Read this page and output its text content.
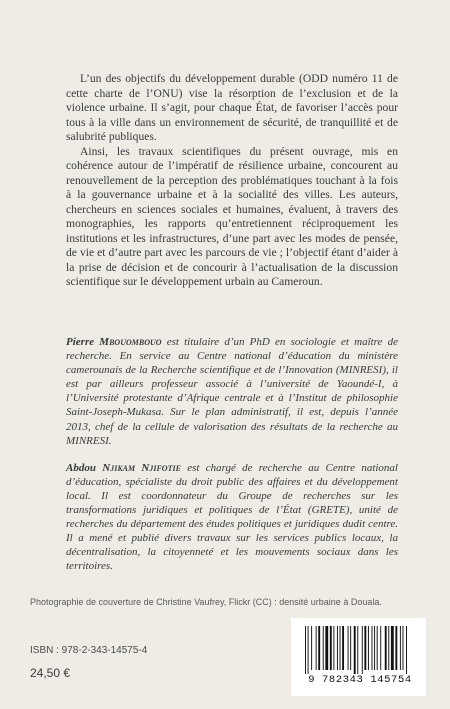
L’un des objectifs du développement durable (ODD numéro 11 de cette charte de l’ONU) vise la résorption de l’exclusion et de la violence urbaine. Il s’agit, pour chaque État, de favoriser l’accès pour tous à la ville dans un environnement de sécurité, de tranquillité et de salubrité publiques.

Ainsi, les travaux scientifiques du présent ouvrage, mis en cohérence autour de l’impératif de résilience urbaine, concourent au renouvellement de la perception des problématiques touchant à la fois à la gouvernance urbaine et à la socialité des villes. Les auteurs, chercheurs en sciences sociales et humaines, évaluent, à travers des monographies, les rapports qu’entretiennent réciproquement les institutions et les infrastructures, d’une part avec les modes de pensée, de vie et d’autre part avec les parcours de vie ; l’objectif étant d’aider à la prise de décision et de concourir à l’actualisation de la discussion scientifique sur le développement urbain au Cameroun.

Pierre Mbouombouo est titulaire d’un PhD en sociologie et maître de recherche. En service au Centre national d’éducation du ministère camerounais de la Recherche scientifique et de l’Innovation (MINRESI), il est par ailleurs professeur associé à l’université de Yaoundé-I, à l’Université protestante d’Afrique centrale et à l’Institut de philosophie Saint-Joseph-Mukasa. Sur le plan administratif, il est, depuis l’année 2013, chef de la cellule de valorisation des résultats de la recherche au MINRESI.

Abdou Njikam Njifotie est chargé de recherche au Centre national d’éducation, spécialiste du droit public des affaires et du développement local. Il est coordonnateur du Groupe de recherches sur les transformations juridiques et politiques de l’État (GRETE), unité de recherches du département des études politiques et juridiques dudit centre. Il a mené et publié divers travaux sur les services publics locaux, la décentralisation, la citoyenneté et les mouvements sociaux dans les territoires.

Photographie de couverture de Christine Vaufrey, Flickr (CC) : densité urbaine à Douala.
ISBN : 978-2-343-14575-4
24,50 €	9 782343 145754
